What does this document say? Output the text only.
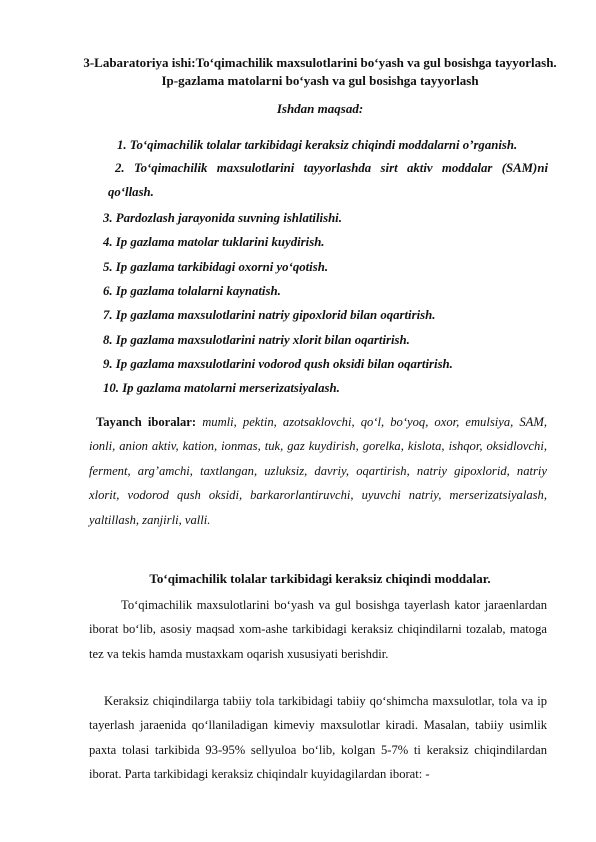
3-Labaratoriya ishi:To‘qimachilik maxsulotlarini bo‘yash va gul bosishga tayyorlash. Ip-gazlama matolarni bo‘yash va gul bosishga tayyorlash
Ishdan maqsad:
1. To‘qimachilik tolalar tarkibidagi keraksiz chiqindi moddalarni o’rganish.
2. To‘qimachilik maxsulotlarini tayyorlashda sirt aktiv moddalar (SAM)ni qo‘llash.
3. Pardozlash jarayonida suvning ishlatilishi.
4. Ip gazlama matolar tuklarini kuydirish.
5. Ip gazlama tarkibidagi oxorni yo‘qotish.
6. Ip gazlama tolalarni kaynatish.
7. Ip gazlama maxsulotlarini natriy gipoxlorid bilan oqartirish.
8. Ip gazlama maxsulotlarini natriy xlorit bilan oqartirish.
9. Ip gazlama maxsulotlarini vodorod qush oksidi bilan oqartirish.
10. Ip gazlama matolarni merserizatsiyalash.
Tayanch iboralar: mumli, pektin, azotsaklovchi, qo‘l, bo‘yoq, oxor, emulsiya, SAM, ionli, anion aktiv, kation, ionmas, tuk, gaz kuydirish, gorelka, kislota, ishqor, oksidlovchi, ferment, arg’amchi, taxtlangan, uzluksiz, davriy, oqartirish, natriy gipoxlorid, natriy xlorit, vodorod qush oksidi, barkarorlantiruvchi, uyuvchi natriy, merserizatsiyalash, yaltillash, zanjirli, valli.
To‘qimachilik tolalar tarkibidagi keraksiz chiqindi moddalar.
To‘qimachilik maxsulotlarini bo‘yash va gul bosishga tayerlash kator jaraenlardan iborat bo‘lib, asosiy maqsad xom-ashe tarkibidagi keraksiz chiqindilarni tozalab, matoga tez va tekis hamda mustaxkam oqarish xususiyati berishdir.
Keraksiz chiqindilarga tabiiy tola tarkibidagi tabiiy qo‘shimcha maxsulotlar, tola va ip tayerlash jaraenida qo‘llaniladigan kimeviy maxsulotlar kiradi. Masalan, tabiiy usimlik paxta tolasi tarkibida 93-95% sellyuloa bo‘lib, kolgan 5-7% ti keraksiz chiqindilardan iborat. Parta tarkibidagi keraksiz chiqindalr kuyidagilardan iborat: -
